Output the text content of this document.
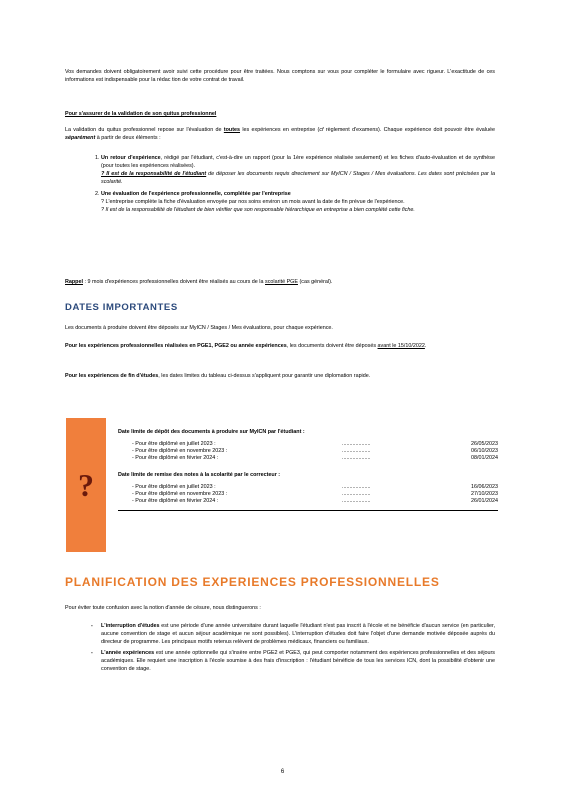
Vos demandes doivent obligatoirement avoir suivi cette procédure pour être traitées. Nous comptons sur vous pour compléter le formulaire avec rigueur. L'exactitude de ces informations est indispensable pour la rédac tion de votre contrat de travail.
Pour s'assurer de la validation de son quitus professionnel
La validation du quitus professionnel repose sur l'évaluation de toutes les expériences en entreprise (cf règlement d'examens). Chaque expérience doit pouvoir être évaluée séparément à partir de deux éléments :
1. Un retour d'expérience, rédigé par l'étudiant, c'est-à-dire un rapport (pour la 1ère expérience réalisée seulement) et les fiches d'auto-évaluation et de synthèse (pour toutes les expériences réalisées).
? Il est de la responsabilité de l'étudiant de déposer les documents requis directement sur MyICN / Stages / Mes évaluations. Les dates sont précisées par la scolarité.
2. Une évaluation de l'expérience professionnelle, complétée par l'entreprise
? L'entreprise complète la fiche d'évaluation envoyée par nos soins environ un mois avant la date de fin prévue de l'expérience.
? Il est de la responsabilité de l'étudiant de bien vérifier que son responsable hiérarchique en entreprise a bien complété cette fiche.
Rappel : 9 mois d'expériences professionnelles doivent être réalisés au cours de la scolarité PGE (cas général).
DATES IMPORTANTES
Les documents à produire doivent être déposés sur MyICN / Stages / Mes évaluations, pour chaque expérience.
Pour les expériences professionnelles réalisées en PGE1, PGE2 ou année expériences, les documents doivent être déposés avant le 15/10/2022.
Pour les expériences de fin d'études, les dates limites du tableau ci-dessus s'appliquent pour garantir une diplomation rapide.
?
Date limite de dépôt des documents à produire sur MyICN par l'étudiant :
- Pour être diplômé en juillet 2023 :	...................	26/05/2023
- Pour être diplômé en novembre 2023 :	...................	06/10/2023
- Pour être diplômé en février 2024 :	...................	08/01/2024
Date limite de remise des notes à la scolarité par le correcteur :
- Pour être diplômé en juillet 2023 :	...................	16/06/2023
- Pour être diplômé en novembre 2023 :	...................	27/10/2023
- Pour être diplômé en février 2024 :	...................	26/01/2024
PLANIFICATION DES EXPERIENCES PROFESSIONNELLES
Pour éviter toute confusion avec la notion d'année de césure, nous distinguerons :
- L'interruption d'études est une période d'une année universitaire durant laquelle l'étudiant n'est pas inscrit à l'école et ne bénéficie d'aucun service (en particulier, aucune convention de stage et aucun séjour académique ne sont possibles). L'interruption d'études doit faire l'objet d'une demande motivée déposée auprès du directeur de programme. Les principaux motifs retenus relèvent de problèmes médicaux, financiers ou familiaux.
- L'année expériences est une année optionnelle qui s'insère entre PGE2 et PGE3, qui peut comporter notamment des expériences professionnelles et des séjours académiques. Elle requiert une inscription à l'école soumise à des frais d'inscription : l'étudiant bénéficie de tous les services ICN, dont la possibilité d'obtenir une convention de stage.
6
